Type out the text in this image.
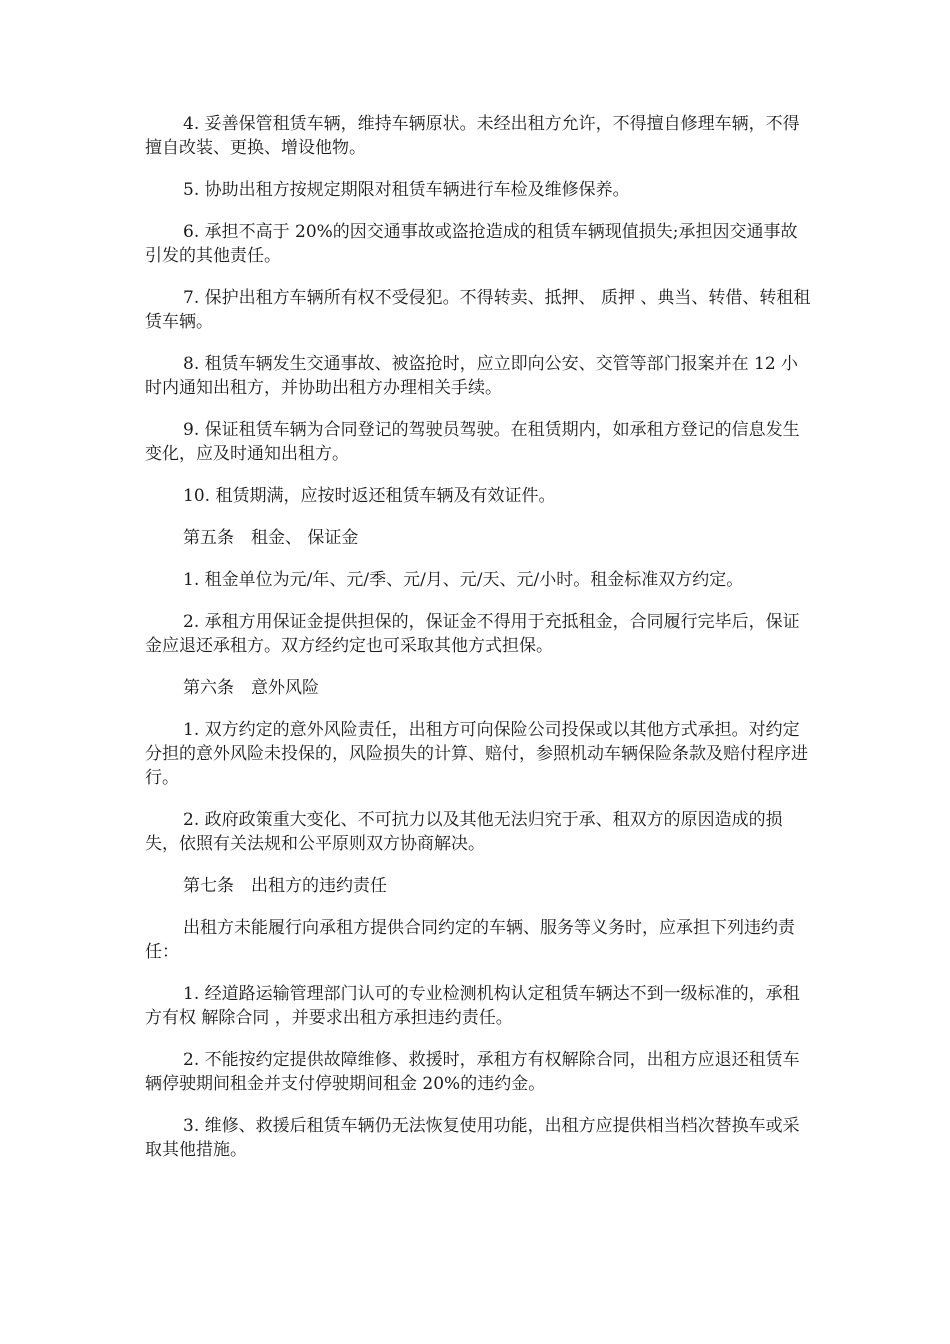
4. 妥善保管租赁车辆，维持车辆原状。未经出租方允许，不得擅自修理车辆，不得擅自改装、更换、增设他物。

5. 协助出租方按规定期限对租赁车辆进行车检及维修保养。

6. 承担不高于 20%的因交通事故或盗抢造成的租赁车辆现值损失;承担因交通事故引发的其他责任。

7. 保护出租方车辆所有权不受侵犯。不得转卖、抵押、 质押 、典当、转借、转租租赁车辆。

8. 租赁车辆发生交通事故、被盗抢时，应立即向公安、交管等部门报案并在 12 小时内通知出租方，并协助出租方办理相关手续。

9. 保证租赁车辆为合同登记的驾驶员驾驶。在租赁期内，如承租方登记的信息发生变化，应及时通知出租方。

10. 租赁期满，应按时返还租赁车辆及有效证件。

第五条　租金、 保证金

1. 租金单位为元/年、元/季、元/月、元/天、元/小时。租金标准双方约定。

2. 承租方用保证金提供担保的，保证金不得用于充抵租金，合同履行完毕后，保证金应退还承租方。双方经约定也可采取其他方式担保。

第六条　意外风险

1. 双方约定的意外风险责任，出租方可向保险公司投保或以其他方式承担。对约定分担的意外风险未投保的，风险损失的计算、赔付，参照机动车辆保险条款及赔付程序进行。

2. 政府政策重大变化、不可抗力以及其他无法归究于承、租双方的原因造成的损失，依照有关法规和公平原则双方协商解决。

第七条　出租方的违约责任

出租方未能履行向承租方提供合同约定的车辆、服务等义务时，应承担下列违约责任：

1. 经道路运输管理部门认可的专业检测机构认定租赁车辆达不到一级标准的，承租方有权 解除合同 ，并要求出租方承担违约责任。

2. 不能按约定提供故障维修、救援时，承租方有权解除合同，出租方应退还租赁车辆停驶期间租金并支付停驶期间租金 20%的违约金。

3. 维修、救援后租赁车辆仍无法恢复使用功能，出租方应提供相当档次替换车或采取其他措施。
